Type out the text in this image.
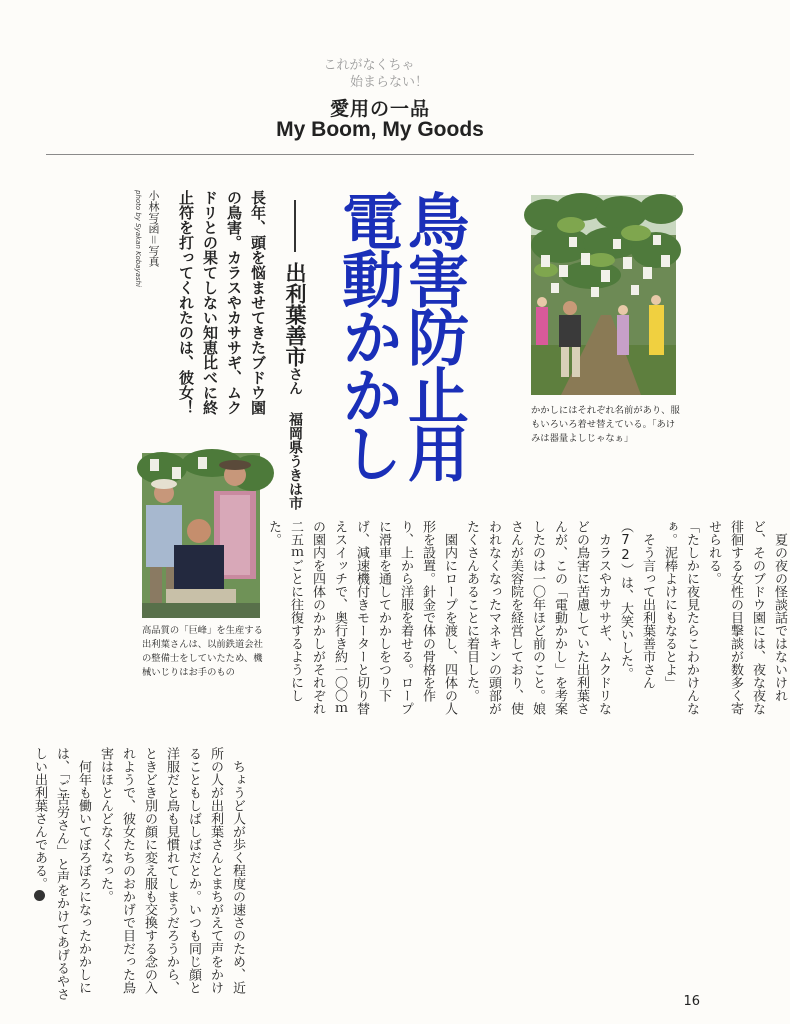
これがなくちゃ
始まらない！
愛用の一品
My Boom, My Goods
鳥害防止用
電動かかし
出利葉善市さん
福岡県うきは市
長年、頭を悩ませてきたブドウ園の鳥害。カラスやカササギ、ムクドリとの果てしない知恵比べに終止符を打ってくれたのは、彼女！
小林写函＝写真
photo by Syakan Kobayashi
かかしにはそれぞれ名前があり、服もいろいろ着せ替えている。「あけみは器量よしじゃなぁ」
高品質の「巨峰」を生産する出利葉さんは、以前鉄道会社の整備士をしていたため、機械いじりはお手のもの	夏の夜の怪談話ではないけれど、そのブドウ園には、夜な夜な徘徊する女性の目撃談が数多く寄せられる。

「たしかに夜見たらこわかけんなぁ。泥棒よけにもなるとよ」

そう言って出利葉善市さん（72）は、大笑いした。

カラスやカササギ、ムクドリなどの鳥害に苦慮していた出利葉さんが、この「電動かかし」を考案したのは一〇年ほど前のこと。娘さんが美容院を経営しており、使われなくなったマネキンの頭部がたくさんあることに着目した。

園内にロープを渡し、四体の人形を設置。針金で体の骨格を作り、上から洋服を着せる。ロープに滑車を通してかかしをつり下げ、減速機付きモーターと切り替えスイッチで、奥行き約一〇〇ｍの園内を四体のかかしがそれぞれ二五ｍごとに往復するようにした。

ちょうど人が歩く程度の速さのため、近所の人が出利葉さんとまちがえて声をかけることもしばしばだとか。いつも同じ顔と洋服だと鳥も見慣れてしまうだろうから、ときどき別の顔に変え服も交換する念の入れようで、彼女たちのおかげで目だった鳥害はほとんどなくなった。

何年も働いてぼろぼろになったかかしには、「ご苦労さん」と声をかけてあげるやさしい出利葉さんである。

16
